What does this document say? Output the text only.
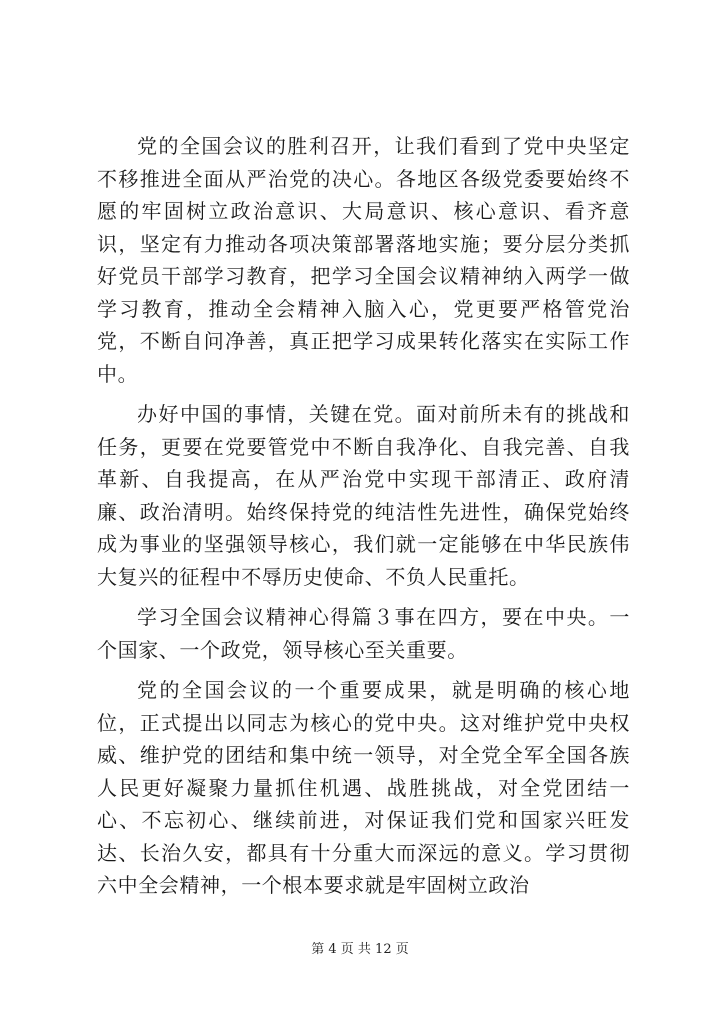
党的全国会议的胜利召开，让我们看到了党中央坚定不移推进全面从严治党的决心。各地区各级党委要始终不愿的牢固树立政治意识、大局意识、核心意识、看齐意识，坚定有力推动各项决策部署落地实施；要分层分类抓好党员干部学习教育，把学习全国会议精神纳入两学一做学习教育，推动全会精神入脑入心，党更要严格管党治党，不断自问净善，真正把学习成果转化落实在实际工作中。

办好中国的事情，关键在党。面对前所未有的挑战和任务，更要在党要管党中不断自我净化、自我完善、自我革新、自我提高，在从严治党中实现干部清正、政府清廉、政治清明。始终保持党的纯洁性先进性，确保党始终成为事业的坚强领导核心，我们就一定能够在中华民族伟大复兴的征程中不辱历史使命、不负人民重托。

学习全国会议精神心得篇３事在四方，要在中央。一个国家、一个政党，领导核心至关重要。

党的全国会议的一个重要成果，就是明确的核心地位，正式提出以同志为核心的党中央。这对维护党中央权威、维护党的团结和集中统一领导，对全党全军全国各族人民更好凝聚力量抓住机遇、战胜挑战，对全党团结一心、不忘初心、继续前进，对保证我们党和国家兴旺发达、长治久安，都具有十分重大而深远的意义。学习贯彻六中全会精神，一个根本要求就是牢固树立政治

第 4 页 共 12 页
